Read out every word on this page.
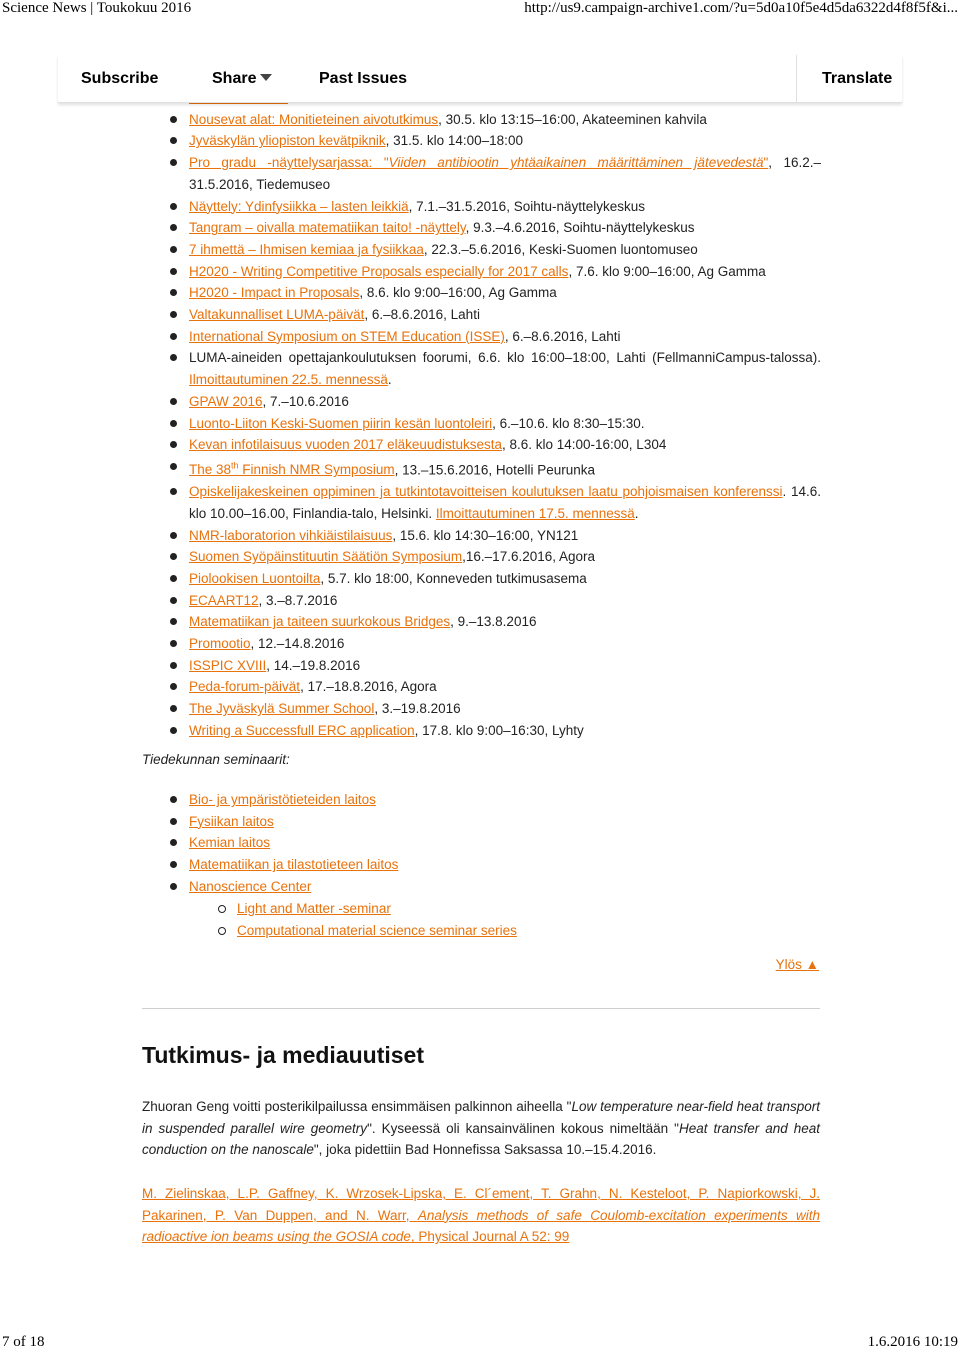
Science News | Toukokuu 2016	http://us9.campaign-archive1.com/?u=5d0a10f5e4d5da6322d4f8f5f&i...
Subscribe	Share	Past Issues	Translate
Nousevat alat: Monitieteinen aivotutkimus, 30.5. klo 13:15–16:00, Akateeminen kahvila
Jyväskylän yliopiston kevätpiknik, 31.5. klo 14:00–18:00
Pro gradu -näyttelysarjassa: "Viiden antibiootin yhtäaikainen määrittäminen jätevedestä", 16.2.–31.5.2016, Tiedemuseo
Näyttely: Ydinfysiikka – lasten leikkiä, 7.1.–31.5.2016, Soihtu-näyttelykeskus
Tangram – oivalla matematiikan taito! -näyttely, 9.3.–4.6.2016, Soihtu-näyttelykeskus
7 ihmettä – Ihmisen kemiaa ja fysiikkaa, 22.3.–5.6.2016, Keski-Suomen luontomuseo
H2020 - Writing Competitive Proposals especially for 2017 calls, 7.6. klo 9:00–16:00, Ag Gamma
H2020 - Impact in Proposals, 8.6. klo 9:00–16:00, Ag Gamma
Valtakunnalliset LUMA-päivät, 6.–8.6.2016, Lahti
International Symposium on STEM Education (ISSE), 6.–8.6.2016, Lahti
LUMA-aineiden opettajankoulutuksen foorumi, 6.6. klo 16:00–18:00, Lahti (FellmanniCampus-talossa). Ilmoittautuminen 22.5. mennessä.
GPAW 2016, 7.–10.6.2016
Luonto-Liiton Keski-Suomen piirin kesän luontoleiri, 6.–10.6. klo 8:30–15:30.
Kevan infotilaisuus vuoden 2017 eläkeuudistuksesta, 8.6. klo 14:00-16:00, L304
The 38th Finnish NMR Symposium, 13.–15.6.2016, Hotelli Peurunka
Opiskelijakeskeinen oppiminen ja tutkintotavoitteisen koulutuksen laatu pohjoismaisen konferenssi. 14.6. klo 10.00–16.00, Finlandia-talo, Helsinki. Ilmoittautuminen 17.5. mennessä.
NMR-laboratorion vihkiäistilaisuus, 15.6. klo 14:30–16:00, YN121
Suomen Syöpäinstituutin Säätiön Symposium,16.–17.6.2016, Agora
Piolookisen Luontoilta, 5.7. klo 18:00, Konneveden tutkimusasema
ECAART12, 3.–8.7.2016
Matematiikan ja taiteen suurkokous Bridges, 9.–13.8.2016
Promootio, 12.–14.8.2016
ISSPIC XVIII, 14.–19.8.2016
Peda-forum-päivät, 17.–18.8.2016, Agora
The Jyväskylä Summer School, 3.–19.8.2016
Writing a Successfull ERC application, 17.8. klo 9:00–16:30, Lyhty
Tiedekunnan seminaarit:
Bio- ja ympäristötieteiden laitos
Fysiikan laitos
Kemian laitos
Matematiikan ja tilastotieteen laitos
Nanoscience Center
Light and Matter -seminar
Computational material science seminar series
Ylös ▲
Tutkimus- ja mediauutiset

Zhuoran Geng voitti posterikilpailussa ensimmäisen palkinnon aiheella "Low temperature near-field heat transport in suspended parallel wire geometry". Kyseessä oli kansainvälinen kokous nimeltään "Heat transfer and heat conduction on the nanoscale", joka pidettiin Bad Honnefissa Saksassa 10.–15.4.2016.

M. Zielinskaa, L.P. Gaffney, K. Wrzosek-Lipska, E. Cl´ement, T. Grahn, N. Kesteloot, P. Napiorkowski, J. Pakarinen, P. Van Duppen, and N. Warr, Analysis methods of safe Coulomb-excitation experiments with radioactive ion beams using the GOSIA code, Physical Journal A 52: 99

7 of 18	1.6.2016 10:19
